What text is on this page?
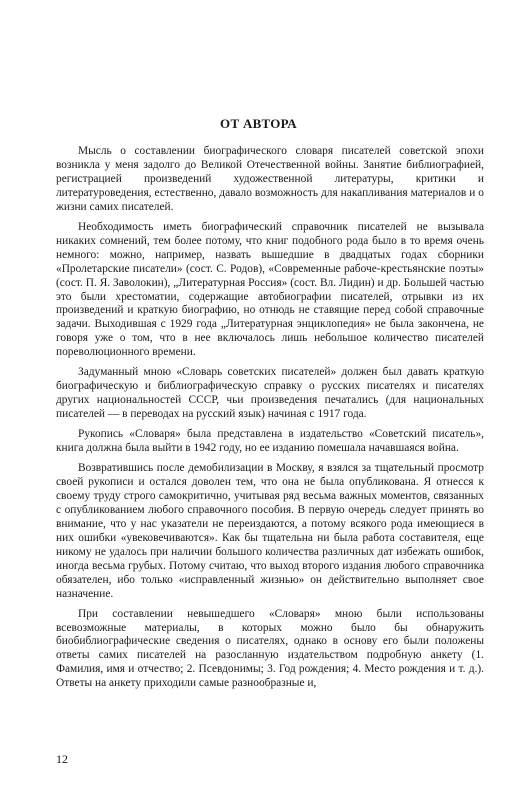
ОТ АВТОРА

Мысль о составлении биографического словаря писателей советской эпохи возникла у меня задолго до Великой Отечественной войны. Занятие библиографией, регистрацией произведений художественной литературы, критики и литературоведения, естественно, давало возможность для накапливания материалов и о жизни самих писателей.

Необходимость иметь биографический справочник писателей не вызывала никаких сомнений, тем более потому, что книг подобного рода было в то время очень немного: можно, например, назвать вышедшие в двадцатых годах сборники «Пролетарские писатели» (сост. С. Родов), «Современные рабоче-крестьянские поэты» (сост. П. Я. Заволокин), „Литературная Россия» (сост. Вл. Лидин) и др. Большей частью это были хрестоматии, содержащие автобиографии писателей, отрывки из их произведений и краткую биографию, но отнюдь не ставящие перед собой справочные задачи. Выходившая с 1929 года „Литературная энциклопедия» не была закончена, не говоря уже о том, что в нее включалось лишь небольшое количество писателей пореволюционного времени.

Задуманный мною «Словарь советских писателей» должен был давать краткую биографическую и библиографическую справку о русских писателях и писателях других национальностей СССР, чьи произведения печатались (для национальных писателей — в переводах на русский язык) начиная с 1917 года.

Рукопись «Словаря» была представлена в издательство «Советский писатель», книга должна была выйти в 1942 году, но ее изданию помешала начавшаяся война.

Возвратившись после демобилизации в Москву, я взялся за тщательный просмотр своей рукописи и остался доволен тем, что она не была опубликована. Я отнесся к своему труду строго самокритично, учитывая ряд весьма важных моментов, связанных с опубликованием любого справочного пособия. В первую очередь следует принять во внимание, что у нас указатели не переиздаются, а потому всякого рода имеющиеся в них ошибки «увековечиваются». Как бы тщательна ни была работа составителя, еще никому не удалось при наличии большого количества различных дат избежать ошибок, иногда весьма грубых. Потому считаю, что выход второго издания любого справочника обязателен, ибо только «исправленный жизнью» он действительно выполняет свое назначение.

При составлении невышедшего «Словаря» мною были использованы всевозможные материалы, в которых можно было бы обнаружить биобиблиографические сведения о писателях, однако в основу его были положены ответы самих писателей на разосланную издательством подробную анкету (1. Фамилия, имя и отчество; 2. Псевдонимы; 3. Год рождения; 4. Место рождения и т. д.). Ответы на анкету приходили самые разнообразные и,

12
